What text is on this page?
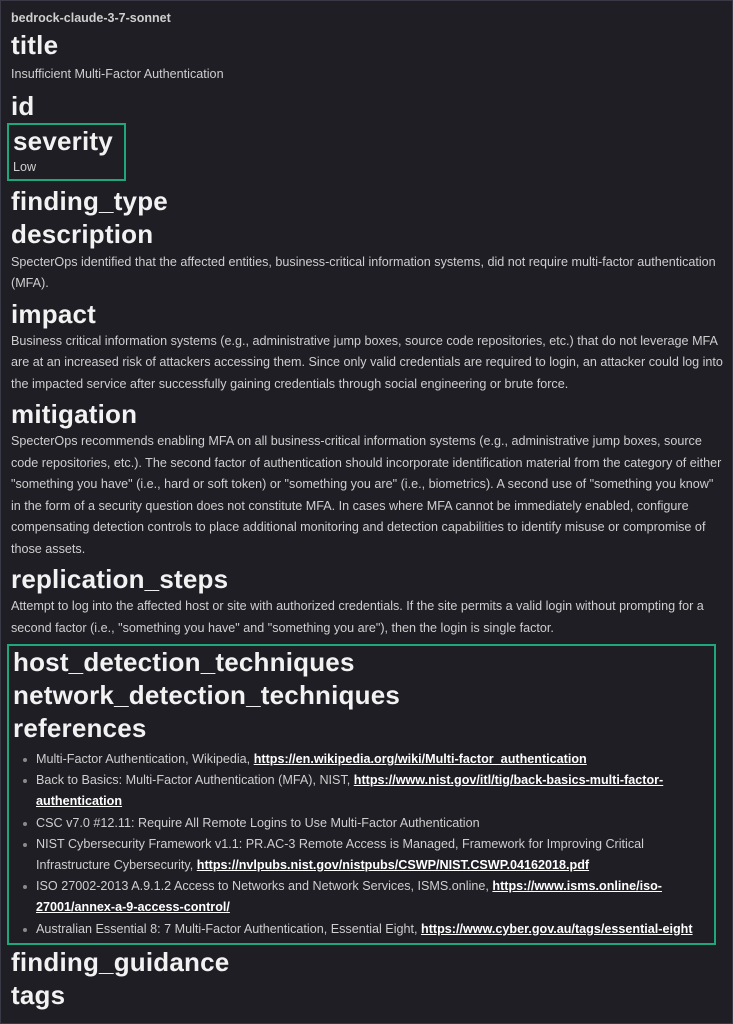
bedrock-claude-3-7-sonnet
title

Insufficient Multi-Factor Authentication

id
severity

Low

finding_type
description

SpecterOps identified that the affected entities, business-critical information systems, did not require multi-factor authentication (MFA).

impact

Business critical information systems (e.g., administrative jump boxes, source code repositories, etc.) that do not leverage MFA are at an increased risk of attackers accessing them. Since only valid credentials are required to login, an attacker could log into the impacted service after successfully gaining credentials through social engineering or brute force.

mitigation

SpecterOps recommends enabling MFA on all business-critical information systems (e.g., administrative jump boxes, source code repositories, etc.). The second factor of authentication should incorporate identification material from the category of either "something you have" (i.e., hard or soft token) or "something you are" (i.e., biometrics). A second use of "something you know" in the form of a security question does not constitute MFA. In cases where MFA cannot be immediately enabled, configure compensating detection controls to place additional monitoring and detection capabilities to identify misuse or compromise of those assets.

replication_steps

Attempt to log into the affected host or site with authorized credentials. If the site permits a valid login without prompting for a second factor (i.e., "something you have" and "something you are"), then the login is single factor.

host_detection_techniques
network_detection_techniques
references
Multi-Factor Authentication, Wikipedia, https://en.wikipedia.org/wiki/Multi-factor_authentication
Back to Basics: Multi-Factor Authentication (MFA), NIST, https://www.nist.gov/itl/tig/back-basics-multi-factor-authentication
CSC v7.0 #12.11: Require All Remote Logins to Use Multi-Factor Authentication
NIST Cybersecurity Framework v1.1: PR.AC-3 Remote Access is Managed, Framework for Improving Critical Infrastructure Cybersecurity, https://nvlpubs.nist.gov/nistpubs/CSWP/NIST.CSWP.04162018.pdf
ISO 27002-2013 A.9.1.2 Access to Networks and Network Services, ISMS.online, https://www.isms.online/iso-27001/annex-a-9-access-control/
Australian Essential 8: 7 Multi-Factor Authentication, Essential Eight, https://www.cyber.gov.au/tags/essential-eight
finding_guidance
tags
